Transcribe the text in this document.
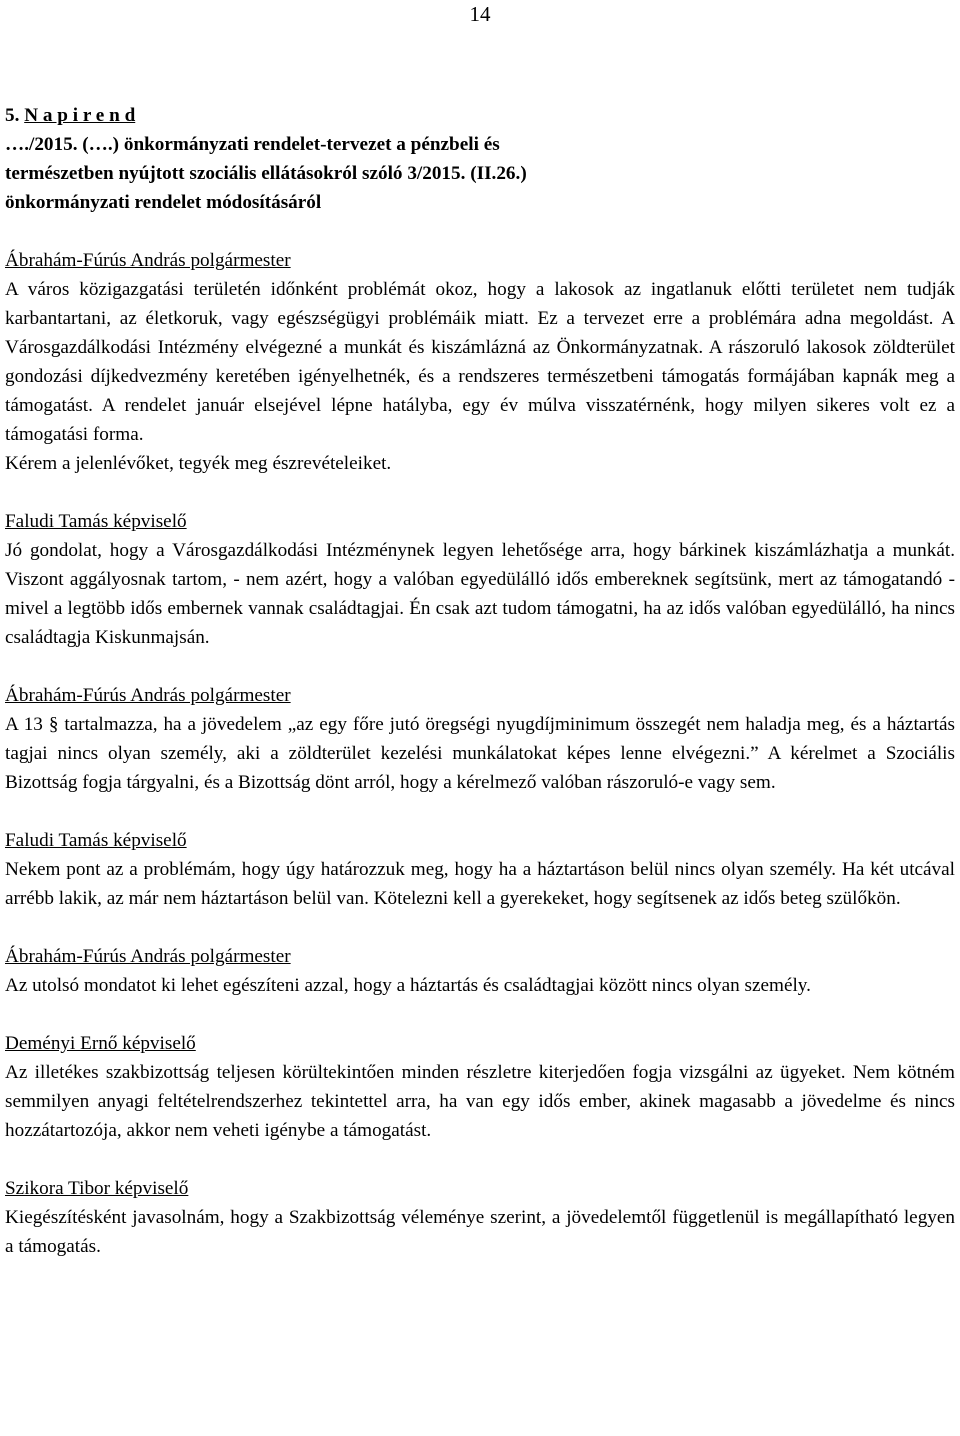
14

5. N a p i r e n d

…./2015. (….) önkormányzati rendelet-tervezet a pénzbeli és

természetben nyújtott szociális ellátásokról szóló 3/2015. (II.26.)

önkormányzati rendelet módosításáról

Ábrahám-Fúrús András polgármester

A város közigazgatási területén időnként problémát okoz, hogy a lakosok az ingatlanuk előtti területet nem tudják karbantartani, az életkoruk, vagy egészségügyi problémáik miatt. Ez a tervezet erre a problémára adna megoldást. A Városgazdálkodási Intézmény elvégezné a munkát és kiszámlázná az Önkormányzatnak. A rászoruló lakosok zöldterület gondozási díjkedvezmény keretében igényelhetnék, és a rendszeres természetbeni támogatás formájában kapnák meg a támogatást. A rendelet január elsejével lépne hatályba, egy év múlva visszatérnénk, hogy milyen sikeres volt ez a támogatási forma.

Kérem a jelenlévőket, tegyék meg észrevételeiket.

Faludi Tamás képviselő

Jó gondolat, hogy a Városgazdálkodási Intézménynek legyen lehetősége arra, hogy bárkinek kiszámlázhatja a munkát. Viszont aggályosnak tartom, - nem azért, hogy a valóban egyedülálló idős embereknek segítsünk, mert az támogatandó - mivel a legtöbb idős embernek vannak családtagjai. Én csak azt tudom támogatni, ha az idős valóban egyedülálló, ha nincs családtagja Kiskunmajsán.

Ábrahám-Fúrús András polgármester

A 13 § tartalmazza, ha a jövedelem „az egy főre jutó öregségi nyugdíjminimum összegét nem haladja meg, és a háztartás tagjai nincs olyan személy, aki a zöldterület kezelési munkálatokat képes lenne elvégezni.” A kérelmet a Szociális Bizottság fogja tárgyalni, és a Bizottság dönt arról, hogy a kérelmező valóban rászoruló-e vagy sem.

Faludi Tamás képviselő

Nekem pont az a problémám, hogy úgy határozzuk meg, hogy ha a háztartáson belül nincs olyan személy. Ha két utcával arrébb lakik, az már nem háztartáson belül van. Kötelezni kell a gyerekeket, hogy segítsenek az idős beteg szülőkön.

Ábrahám-Fúrús András polgármester

Az utolsó mondatot ki lehet egészíteni azzal, hogy a háztartás és családtagjai között nincs olyan személy.

Deményi Ernő képviselő

Az illetékes szakbizottság teljesen körültekintően minden részletre kiterjedően fogja vizsgálni az ügyeket. Nem kötném semmilyen anyagi feltételrendszerhez tekintettel arra, ha van egy idős ember, akinek magasabb a jövedelme és nincs hozzátartozója, akkor nem veheti igénybe a támogatást.

Szikora Tibor képviselő

Kiegészítésként javasolnám, hogy a Szakbizottság véleménye szerint, a jövedelemtől függetlenül is megállapítható legyen a támogatás.
